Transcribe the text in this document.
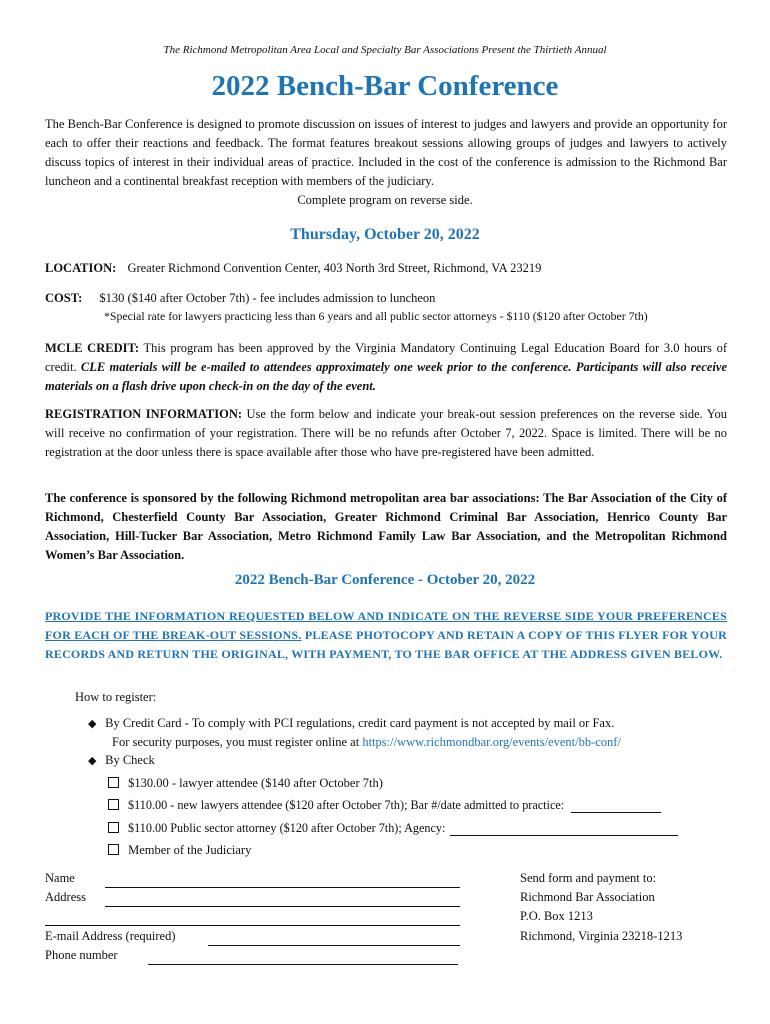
The Richmond Metropolitan Area Local and Specialty Bar Associations Present the Thirtieth Annual
2022 Bench-Bar Conference
The Bench-Bar Conference is designed to promote discussion on issues of interest to judges and lawyers and provide an opportunity for each to offer their reactions and feedback. The format features breakout sessions allowing groups of judges and lawyers to actively discuss topics of interest in their individual areas of practice. Included in the cost of the conference is admission to the Richmond Bar luncheon and a continental breakfast reception with members of the judiciary.
Complete program on reverse side.
Thursday, October 20, 2022
LOCATION: Greater Richmond Convention Center, 403 North 3rd Street, Richmond, VA 23219
COST: $130 ($140 after October 7th) - fee includes admission to luncheon
*Special rate for lawyers practicing less than 6 years and all public sector attorneys - $110 ($120 after October 7th)
MCLE CREDIT: This program has been approved by the Virginia Mandatory Continuing Legal Education Board for 3.0 hours of credit. CLE materials will be e-mailed to attendees approximately one week prior to the conference. Participants will also receive materials on a flash drive upon check-in on the day of the event.
REGISTRATION INFORMATION: Use the form below and indicate your break-out session preferences on the reverse side. You will receive no confirmation of your registration. There will be no refunds after October 7, 2022. Space is limited. There will be no registration at the door unless there is space available after those who have pre-registered have been admitted.
The conference is sponsored by the following Richmond metropolitan area bar associations: The Bar Association of the City of Richmond, Chesterfield County Bar Association, Greater Richmond Criminal Bar Association, Henrico County Bar Association, Hill-Tucker Bar Association, Metro Richmond Family Law Bar Association, and the Metropolitan Richmond Women’s Bar Association.
2022 Bench-Bar Conference - October 20, 2022
PROVIDE THE INFORMATION REQUESTED BELOW AND INDICATE ON THE REVERSE SIDE YOUR PREFERENCES FOR EACH OF THE BREAK-OUT SESSIONS. PLEASE PHOTOCOPY AND RETAIN A COPY OF THIS FLYER FOR YOUR RECORDS AND RETURN THE ORIGINAL, WITH PAYMENT, TO THE BAR OFFICE AT THE ADDRESS GIVEN BELOW.
How to register:
◆ By Credit Card - To comply with PCI regulations, credit card payment is not accepted by mail or Fax.
For security purposes, you must register online at https://www.richmondbar.org/events/event/bb-conf/
◆ By Check
$130.00 - lawyer attendee ($140 after October 7th)
$110.00 - new lawyers attendee ($120 after October 7th); Bar #/date admitted to practice:
$110.00 Public sector attorney ($120 after October 7th); Agency:
Member of the Judiciary
Name
Address
E-mail Address (required)
Phone number
Send form and payment to:
Richmond Bar Association
P.O. Box 1213
Richmond, Virginia 23218-1213
